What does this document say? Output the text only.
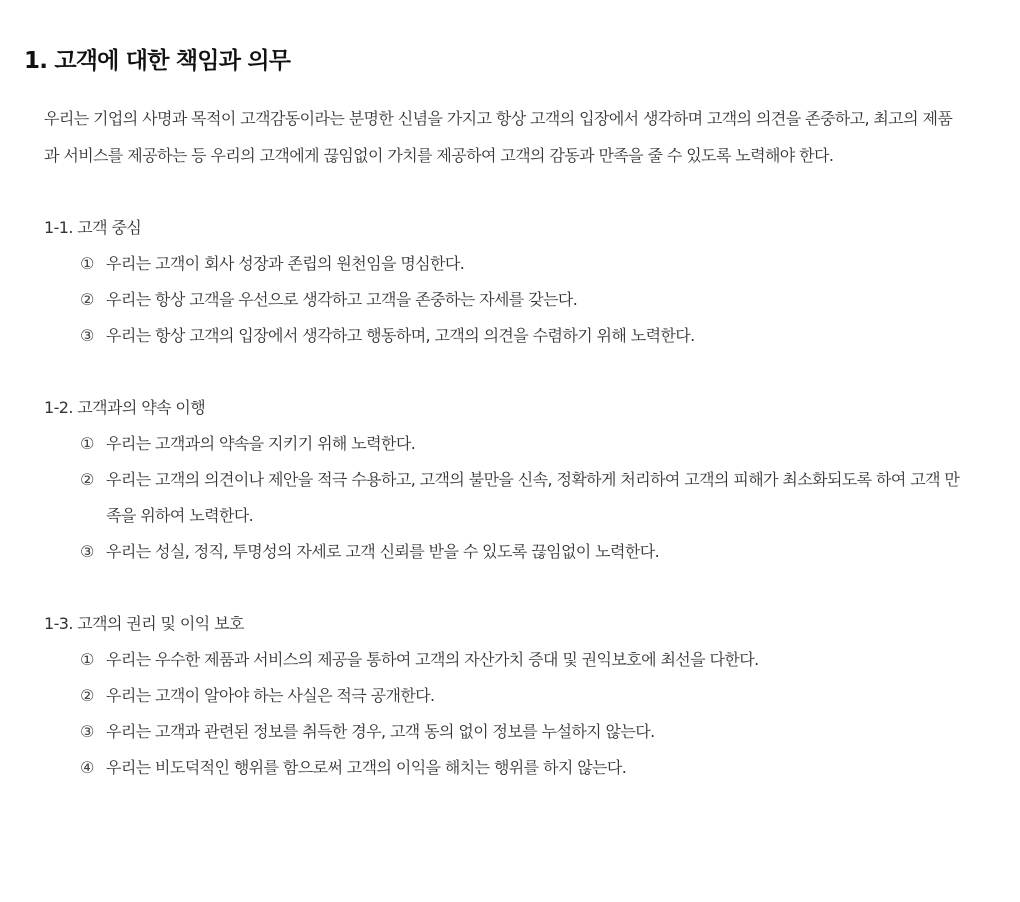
1. 고객에 대한 책임과 의무

우리는 기업의 사명과 목적이 고객감동이라는 분명한 신념을 가지고 항상 고객의 입장에서 생각하며 고객의 의견을 존중하고, 최고의 제품과 서비스를 제공하는 등 우리의 고객에게 끊임없이 가치를 제공하여 고객의 감동과 만족을 줄 수 있도록 노력해야 한다.

1-1. 고객 중심
① 우리는 고객이 회사 성장과 존립의 원천임을 명심한다.
② 우리는 항상 고객을 우선으로 생각하고 고객을 존중하는 자세를 갖는다.
③ 우리는 항상 고객의 입장에서 생각하고 행동하며, 고객의 의견을 수렴하기 위해 노력한다.
1-2. 고객과의 약속 이행
① 우리는 고객과의 약속을 지키기 위해 노력한다.
② 우리는 고객의 의견이나 제안을 적극 수용하고, 고객의 불만을 신속, 정확하게 처리하여 고객의 피해가 최소화되도록 하여 고객 만족을 위하여 노력한다.
③ 우리는 성실, 정직, 투명성의 자세로 고객 신뢰를 받을 수 있도록 끊임없이 노력한다.
1-3. 고객의 권리 및 이익 보호
① 우리는 우수한 제품과 서비스의 제공을 통하여 고객의 자산가치 증대 및 권익보호에 최선을 다한다.
② 우리는 고객이 알아야 하는 사실은 적극 공개한다.
③ 우리는 고객과 관련된 정보를 취득한 경우, 고객 동의 없이 정보를 누설하지 않는다.
④ 우리는 비도덕적인 행위를 함으로써 고객의 이익을 해치는 행위를 하지 않는다.
